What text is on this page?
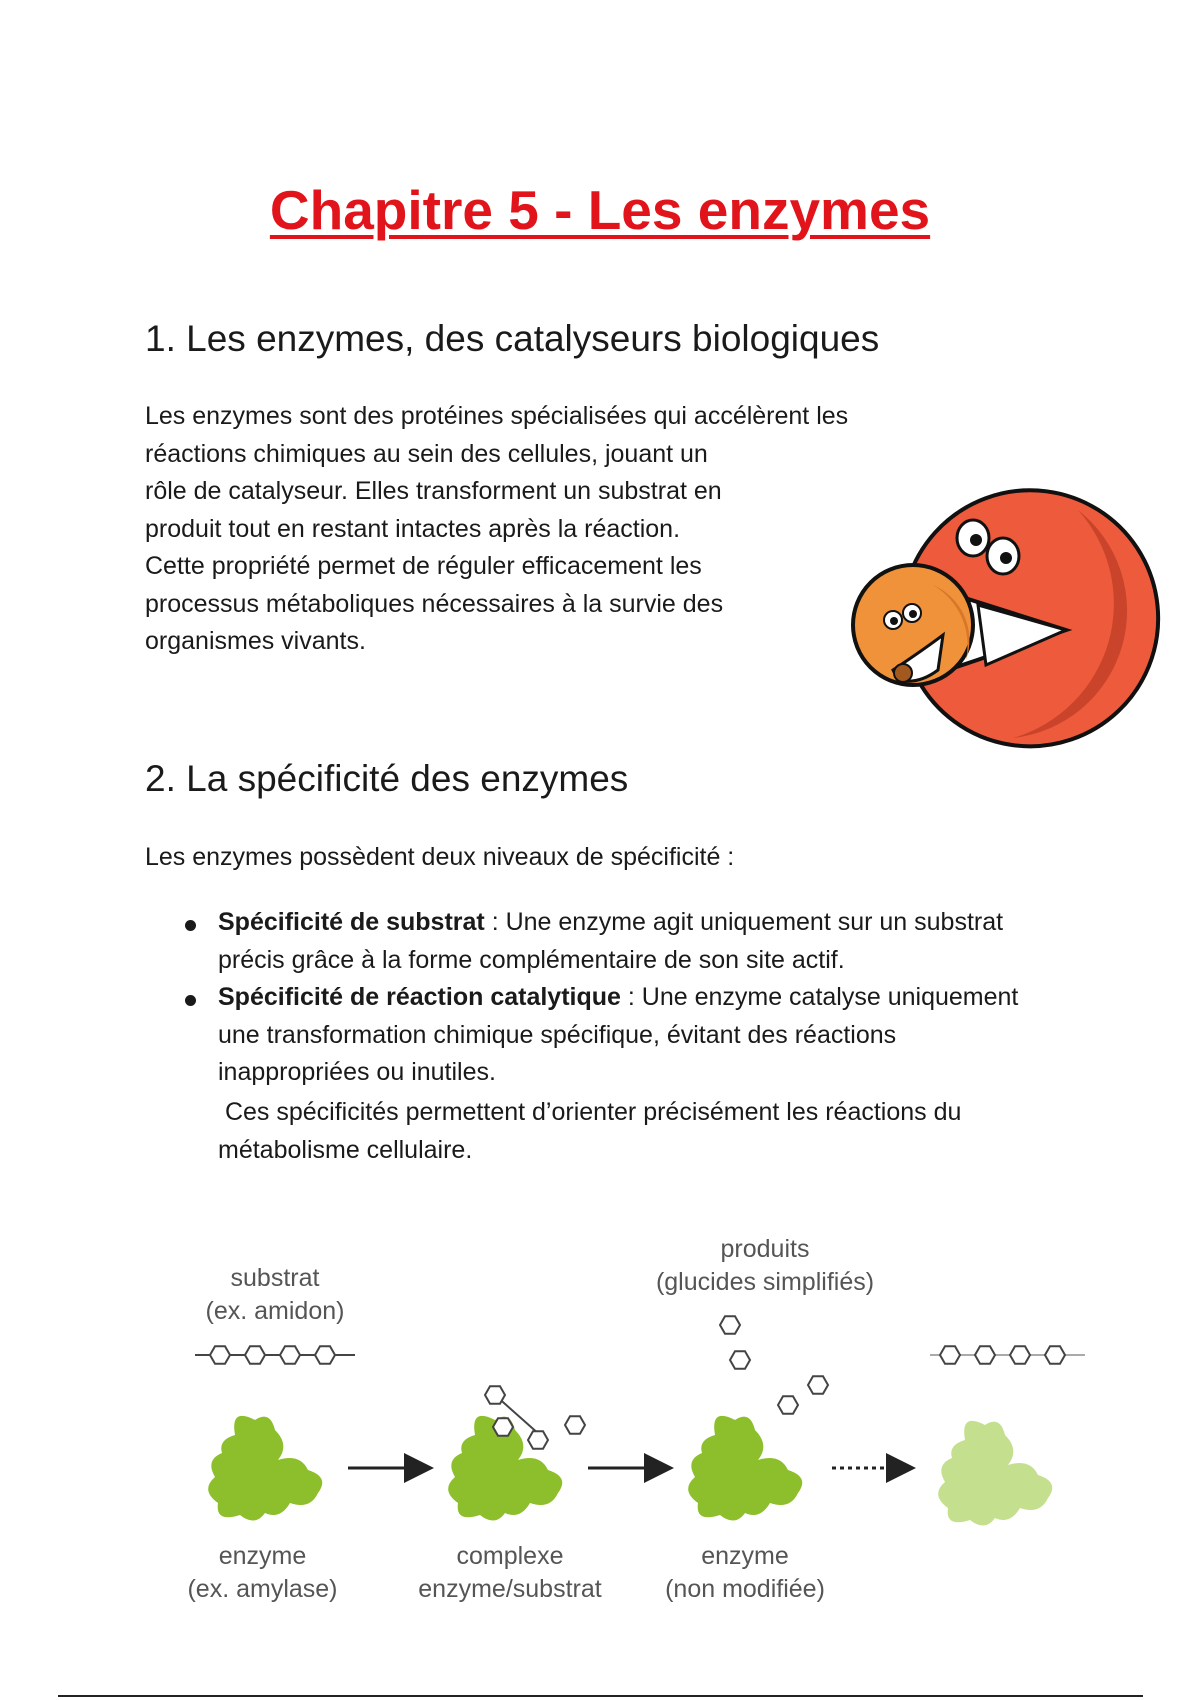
Chapitre 5 - Les enzymes
1. Les enzymes, des catalyseurs biologiques

Les enzymes sont des protéines spécialisées qui accélèrent les
réactions chimiques au sein des cellules, jouant un
rôle de catalyseur. Elles transforment un substrat en
produit tout en restant intactes après la réaction.
Cette propriété permet de réguler efficacement les
processus métaboliques nécessaires à la survie des
organismes vivants.

2. La spécificité des enzymes

Les enzymes possèdent deux niveaux de spécificité :

Spécificité de substrat : Une enzyme agit uniquement sur un substrat précis grâce à la forme complémentaire de son site actif.
Spécificité de réaction catalytique : Une enzyme catalyse uniquement une transformation chimique spécifique, évitant des réactions inappropriées ou inutiles.

Ces spécificités permettent d’orienter précisément les réactions du métabolisme cellulaire.

substrat
(ex. amidon)
produits
(glucides simplifiés)
enzyme
(ex. amylase)
complexe
enzyme/substrat
enzyme
(non modifiée)
